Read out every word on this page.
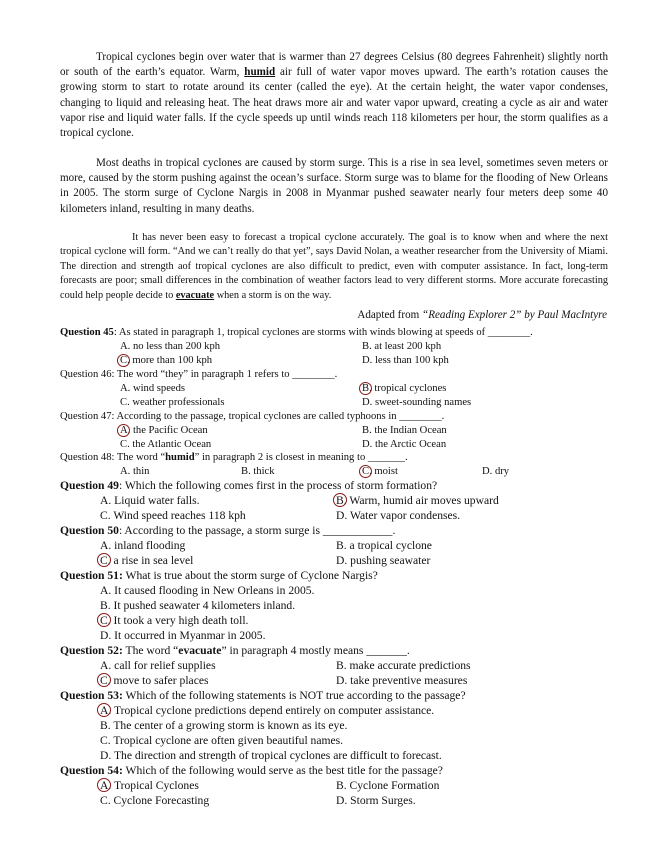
Tropical cyclones begin over water that is warmer than 27 degrees Celsius (80 degrees Fahrenheit) slightly north or south of the earth’s equator. Warm, humid air full of water vapor moves upward. The earth’s rotation causes the growing storm to start to rotate around its center (called the eye). At the certain height, the water vapor condenses, changing to liquid and releasing heat. The heat draws more air and water vapor upward, creating a cycle as air and water vapor rise and liquid water falls. If the cycle speeds up until winds reach 118 kilometers per hour, the storm qualifies as a tropical cyclone.

Most deaths in tropical cyclones are caused by storm surge. This is a rise in sea level, sometimes seven meters or more, caused by the storm pushing against the ocean’s surface. Storm surge was to blame for the flooding of New Orleans in 2005. The storm surge of Cyclone Nargis in 2008 in Myanmar pushed seawater nearly four meters deep some 40 kilometers inland, resulting in many deaths.

It has never been easy to forecast a tropical cyclone accurately. The goal is to know when and where the next tropical cyclone will form. “And we can’t really do that yet”, says David Nolan, a weather researcher from the University of Miami. The direction and strength aof tropical cyclones are also difficult to predict, even with computer assistance. In fact, long-term forecasts are poor; small differences in the combination of weather factors lead to very different storms. More accurate forecasting could help people decide to evacuate when a storm is on the way.

Adapted from “Reading Explorer 2” by Paul MacIntyre
Question 45: As stated in paragraph 1, tropical cyclones are storms with winds blowing at speeds of ________.
A. no less than 200 kph	B. at least 200 kph
C. more than 100 kph	D. less than 100 kph
Question 46: The word “they” in paragraph 1 refers to ________.
A. wind speeds	B. tropical cyclones
C. weather professionals	D. sweet-sounding names
Question 47: According to the passage, tropical cyclones are called typhoons in ________.
A. the Pacific Ocean	B. the Indian Ocean
C. the Atlantic Ocean	D. the Arctic Ocean
Question 48: The word “humid” in paragraph 2 is closest in meaning to _______.
A. thin	B. thick	C. moist	D. dry
Question 49: Which the following comes first in the process of storm formation?
A. Liquid water falls.	B. Warm, humid air moves upward
C. Wind speed reaches 118 kph	D. Water vapor condenses.
Question 50: According to the passage, a storm surge is ____________.
A. inland flooding	B. a tropical cyclone
C. a rise in sea level	D. pushing seawater
Question 51: What is true about the storm surge of Cyclone Nargis?
A. It caused flooding in New Orleans in 2005.
B. It pushed seawater 4 kilometers inland.
C. It took a very high death toll.
D. It occurred in Myanmar in 2005.
Question 52: The word “evacuate” in paragraph 4 mostly means _______.
A. call for relief supplies	B. make accurate predictions
C. move to safer places	D. take preventive measures
Question 53: Which of the following statements is NOT true according to the passage?
A. Tropical cyclone predictions depend entirely on computer assistance.
B. The center of a growing storm is known as its eye.
C. Tropical cyclone are often given beautiful names.
D. The direction and strength of tropical cyclones are difficult to forecast.
Question 54: Which of the following would serve as the best title for the passage?
A. Tropical Cyclones	B. Cyclone Formation
C. Cyclone Forecasting	D. Storm Surges.
